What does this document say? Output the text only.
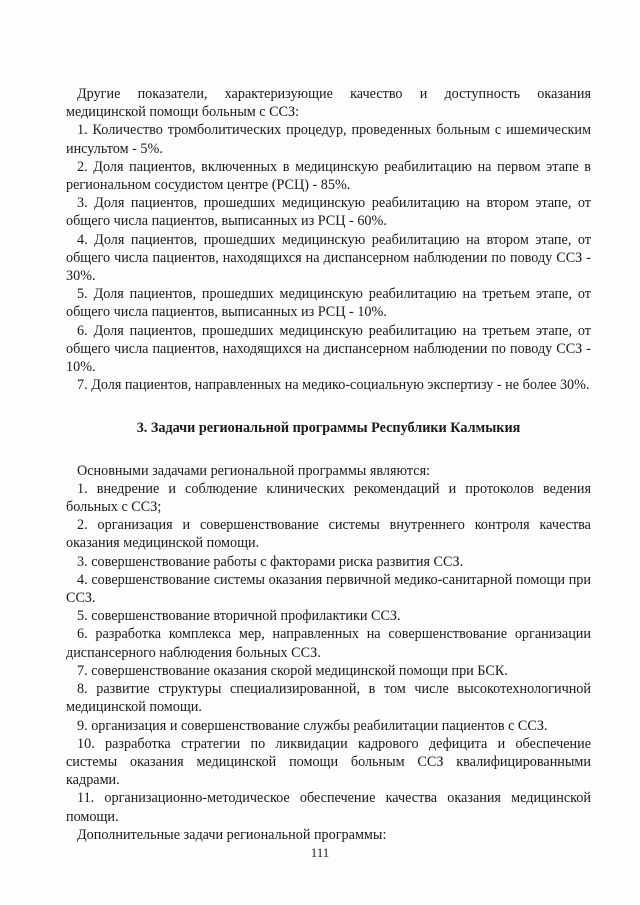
Другие показатели, характеризующие качество и доступность оказания медицинской помощи больным с ССЗ:

1. Количество тромболитических процедур, проведенных больным с ишемическим инсультом - 5%.

2. Доля пациентов, включенных в медицинскую реабилитацию на первом этапе в региональном сосудистом центре (РСЦ) - 85%.

3. Доля пациентов, прошедших медицинскую реабилитацию на втором этапе, от общего числа пациентов, выписанных из РСЦ - 60%.

4. Доля пациентов, прошедших медицинскую реабилитацию на втором этапе, от общего числа пациентов, находящихся на диспансерном наблюдении по поводу ССЗ - 30%.

5. Доля пациентов, прошедших медицинскую реабилитацию на третьем этапе, от общего числа пациентов, выписанных из РСЦ - 10%.

6. Доля пациентов, прошедших медицинскую реабилитацию на третьем этапе, от общего числа пациентов, находящихся на диспансерном наблюдении по поводу ССЗ - 10%.

7. Доля пациентов, направленных на медико-социальную экспертизу - не более 30%.

3. Задачи региональной программы Республики Калмыкия

Основными задачами региональной программы являются:

1. внедрение и соблюдение клинических рекомендаций и протоколов ведения больных с ССЗ;

2. организация и совершенствование системы внутреннего контроля качества оказания медицинской помощи.

3. совершенствование работы с факторами риска развития ССЗ.

4. совершенствование системы оказания первичной медико-санитарной помощи при ССЗ.

5. совершенствование вторичной профилактики ССЗ.

6. разработка комплекса мер, направленных на совершенствование организации диспансерного наблюдения больных ССЗ.

7. совершенствование оказания скорой медицинской помощи при БСК.

8. развитие структуры специализированной, в том числе высокотехнологичной медицинской помощи.

9. организация и совершенствование службы реабилитации пациентов с ССЗ.

10. разработка стратегии по ликвидации кадрового дефицита и обеспечение системы оказания медицинской помощи больным ССЗ квалифицированными кадрами.

11. организационно-методическое обеспечение качества оказания медицинской помощи.

Дополнительные задачи региональной программы:

111
